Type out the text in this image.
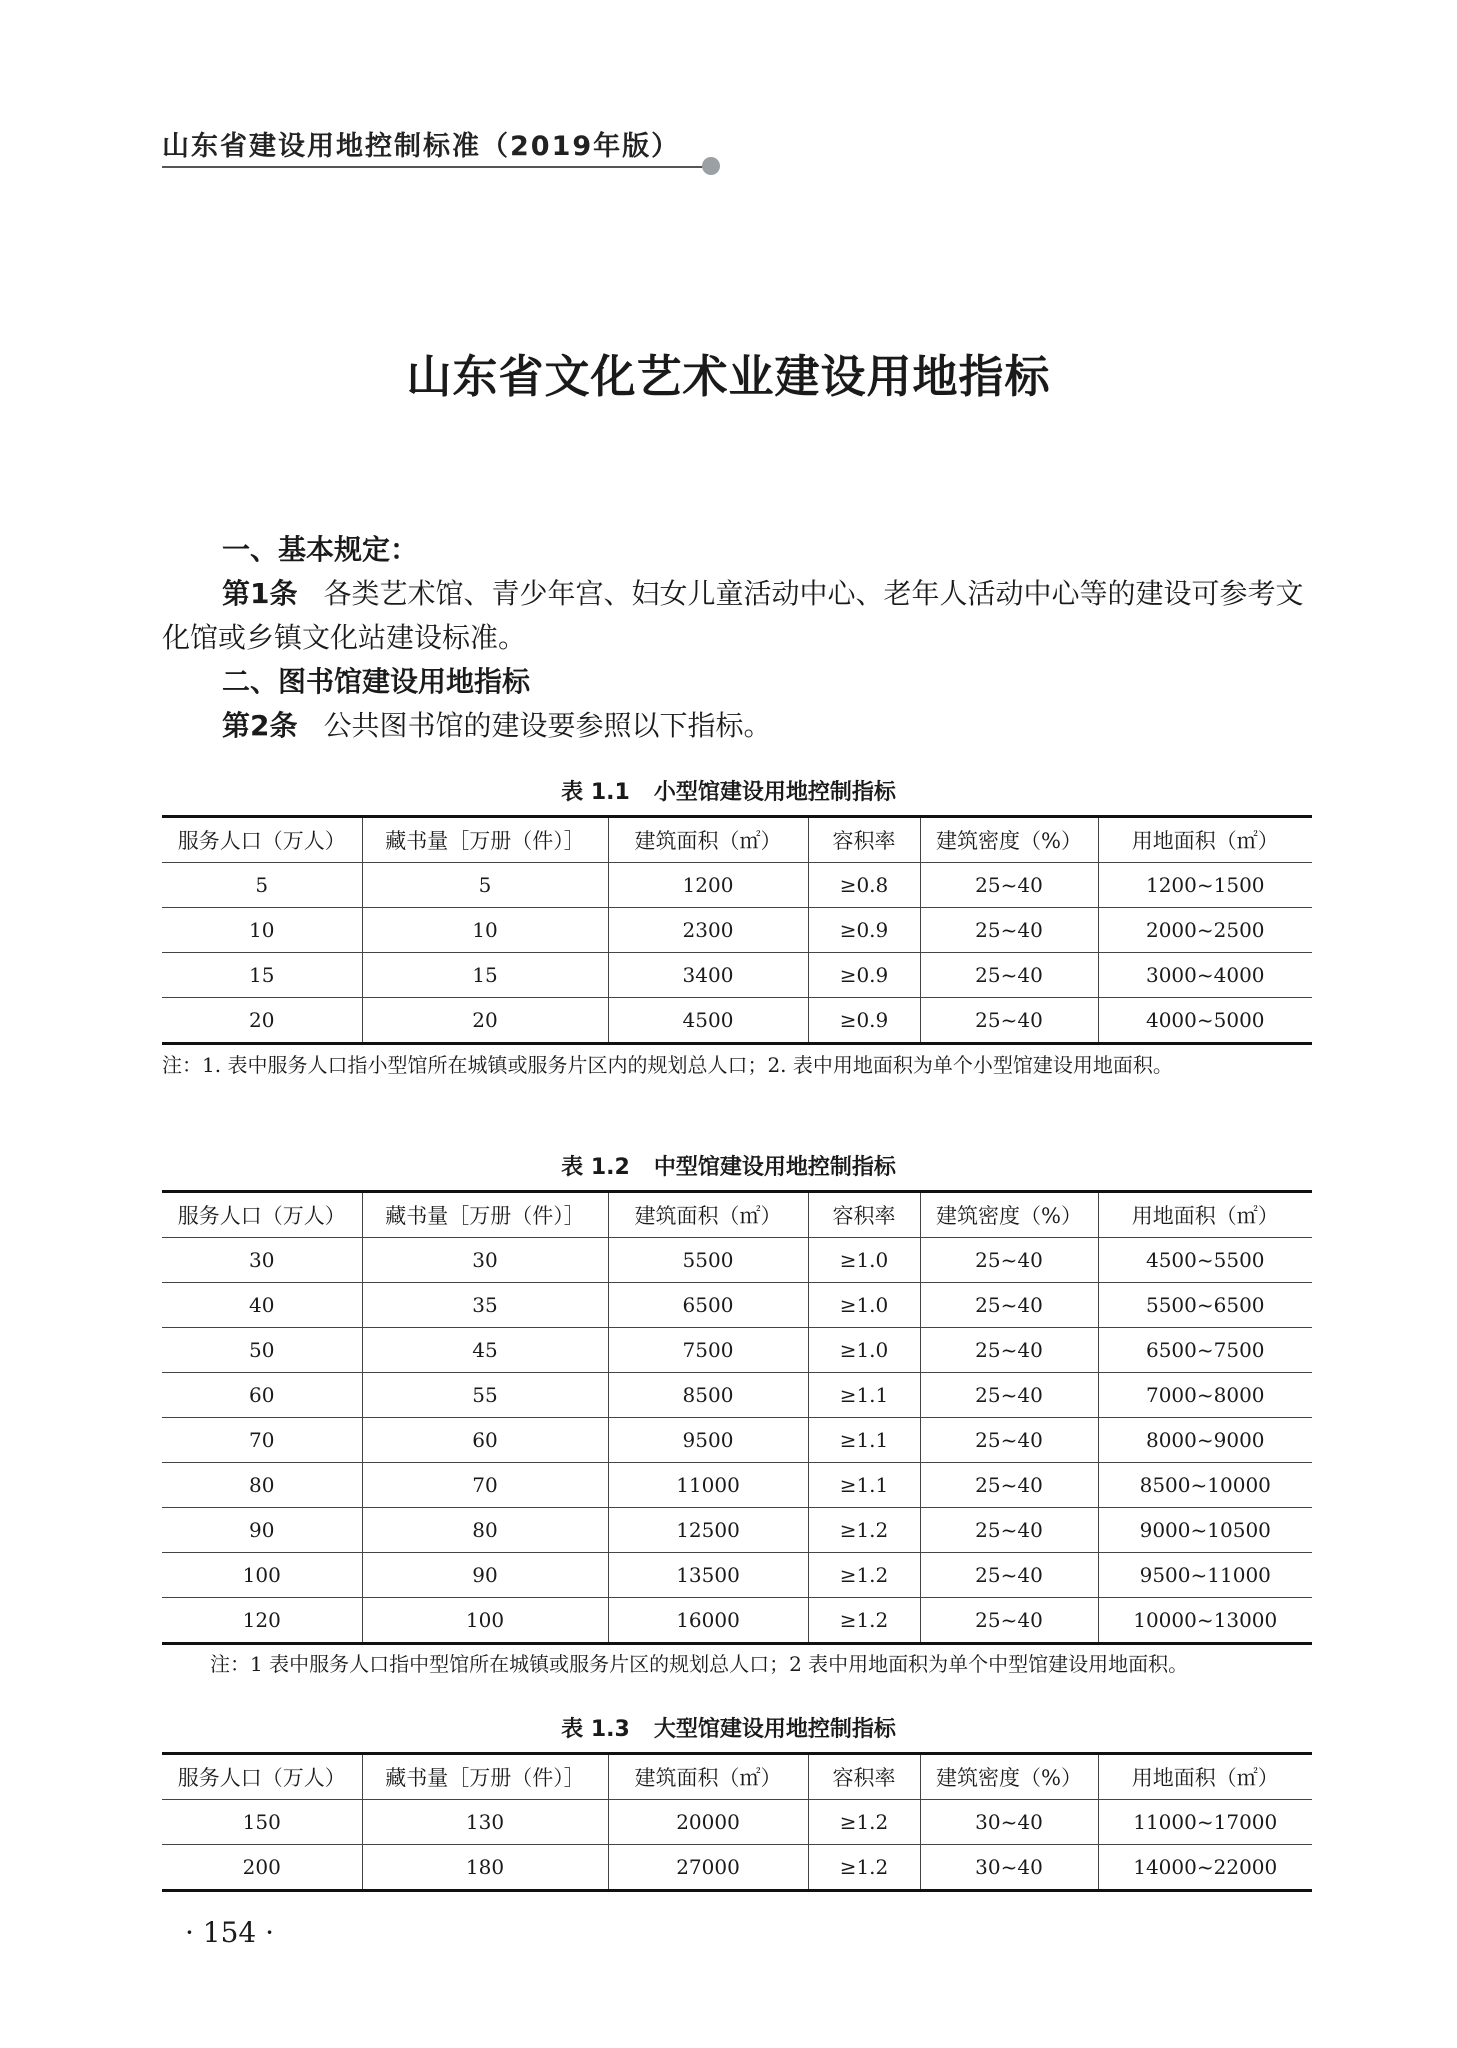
山东省建设用地控制标准（2019年版）
山东省文化艺术业建设用地指标
一、基本规定：
第1条 各类艺术馆、青少年宫、妇女儿童活动中心、老年人活动中心等的建设可参考文化馆或乡镇文化站建设标准。
二、图书馆建设用地指标
第2条 公共图书馆的建设要参照以下指标。
表 1.1 小型馆建设用地控制指标
服务人口（万人）	藏书量［万册（件）］	建筑面积（㎡）	容积率	建筑密度（%）	用地面积（㎡）
5	5	1200	≥0.8	25~40	1200~1500
10	10	2300	≥0.9	25~40	2000~2500
15	15	3400	≥0.9	25~40	3000~4000
20	20	4500	≥0.9	25~40	4000~5000
注：1. 表中服务人口指小型馆所在城镇或服务片区内的规划总人口；2. 表中用地面积为单个小型馆建设用地面积。
表 1.2 中型馆建设用地控制指标
服务人口（万人）	藏书量［万册（件）］	建筑面积（㎡）	容积率	建筑密度（%）	用地面积（㎡）
30	30	5500	≥1.0	25~40	4500~5500
40	35	6500	≥1.0	25~40	5500~6500
50	45	7500	≥1.0	25~40	6500~7500
60	55	8500	≥1.1	25~40	7000~8000
70	60	9500	≥1.1	25~40	8000~9000
80	70	11000	≥1.1	25~40	8500~10000
90	80	12500	≥1.2	25~40	9000~10500
100	90	13500	≥1.2	25~40	9500~11000
120	100	16000	≥1.2	25~40	10000~13000
注：1 表中服务人口指中型馆所在城镇或服务片区的规划总人口；2 表中用地面积为单个中型馆建设用地面积。
表 1.3 大型馆建设用地控制指标
服务人口（万人）	藏书量［万册（件）］	建筑面积（㎡）	容积率	建筑密度（%）	用地面积（㎡）
150	130	20000	≥1.2	30~40	11000~17000
200	180	27000	≥1.2	30~40	14000~22000
· 154 ·
